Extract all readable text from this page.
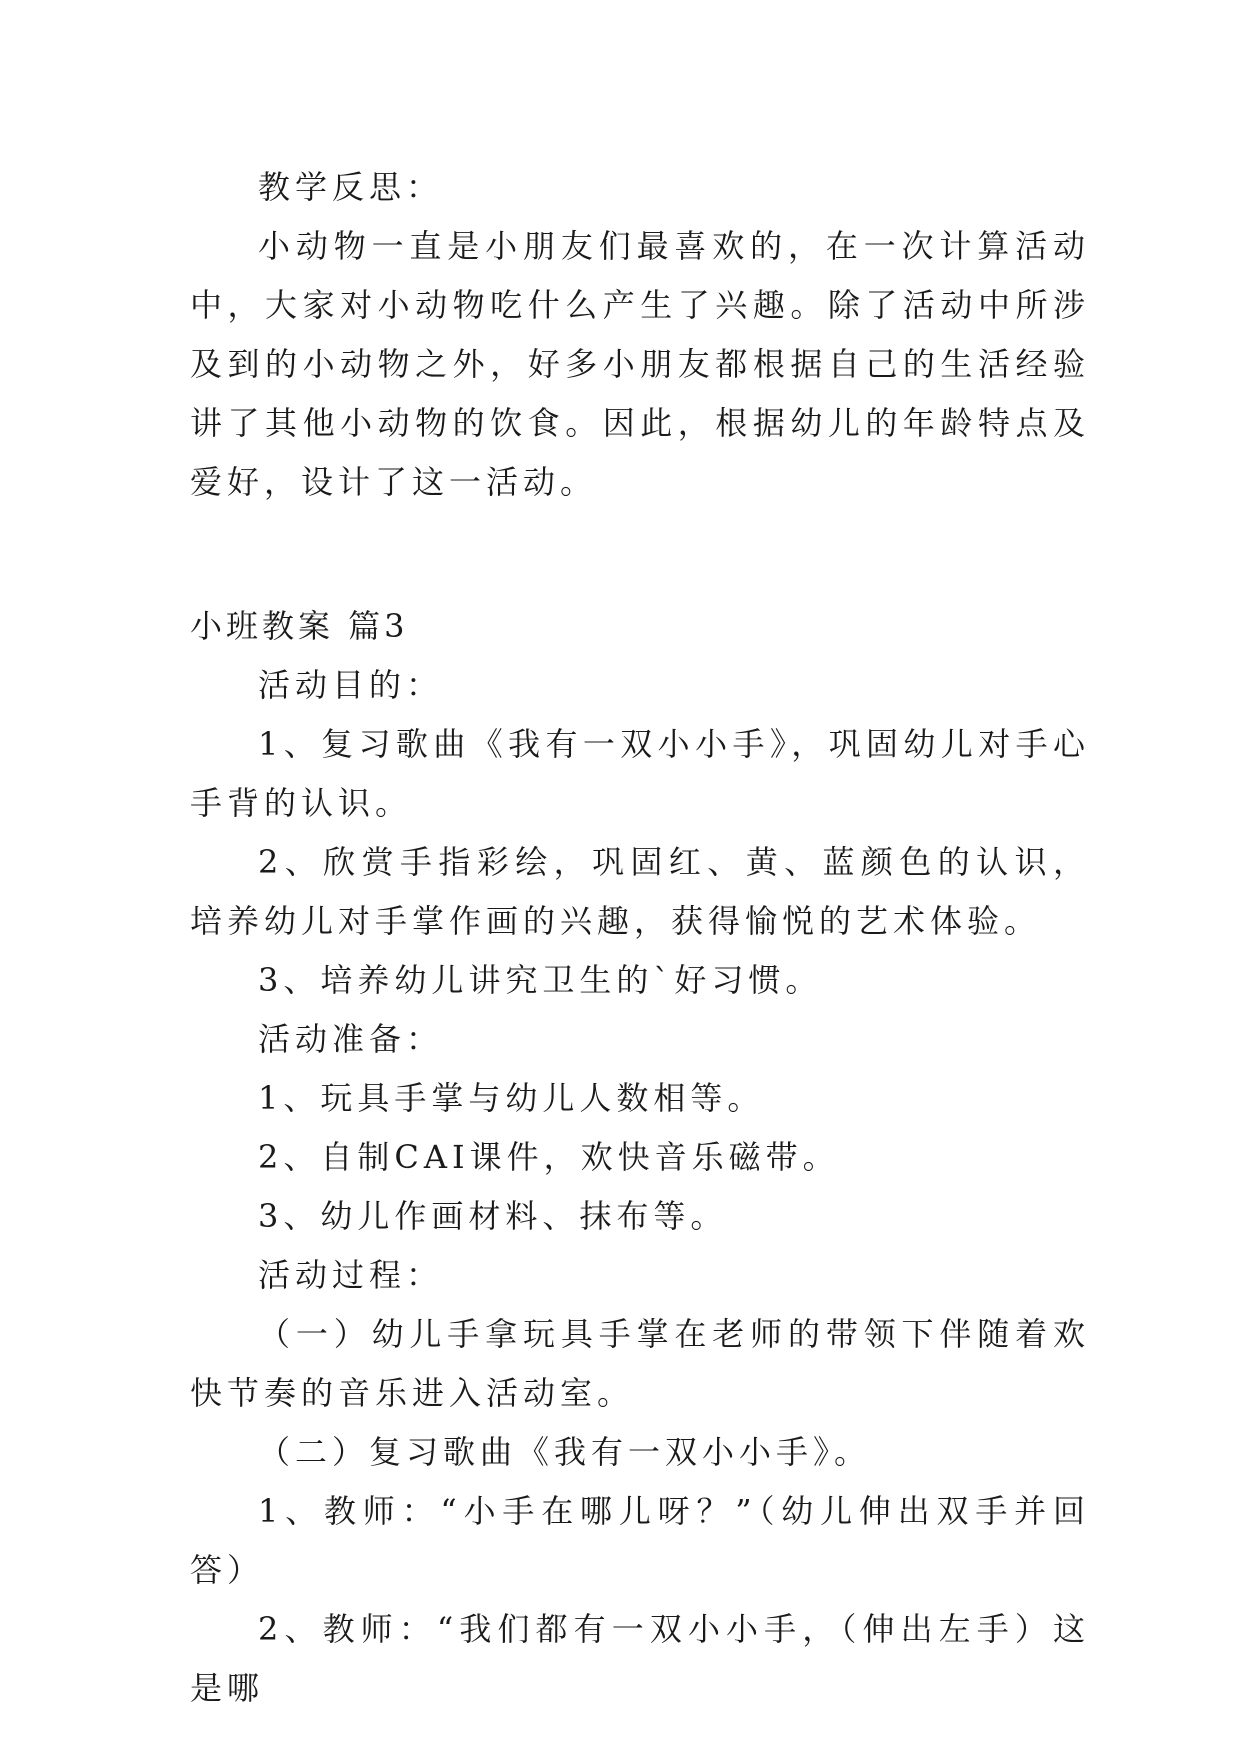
教学反思：

小动物一直是小朋友们最喜欢的，在一次计算活动中，大家对小动物吃什么产生了兴趣。除了活动中所涉及到的小动物之外，好多小朋友都根据自己的生活经验讲了其他小动物的饮食。因此，根据幼儿的年龄特点及爱好，设计了这一活动。

小班教案 篇3

活动目的：

1、复习歌曲《我有一双小小手》，巩固幼儿对手心手背的认识。

2、欣赏手指彩绘，巩固红、黄、蓝颜色的认识，培养幼儿对手掌作画的兴趣，获得愉悦的艺术体验。

3、培养幼儿讲究卫生的`好习惯。

活动准备：

1、玩具手掌与幼儿人数相等。

2、自制CAI课件，欢快音乐磁带。

3、幼儿作画材料、抹布等。

活动过程：

（一）幼儿手拿玩具手掌在老师的带领下伴随着欢快节奏的音乐进入活动室。

（二）复习歌曲《我有一双小小手》。

1、教师：“小手在哪儿呀？”（幼儿伸出双手并回答）

2、教师：“我们都有一双小小手，（伸出左手）这是哪
